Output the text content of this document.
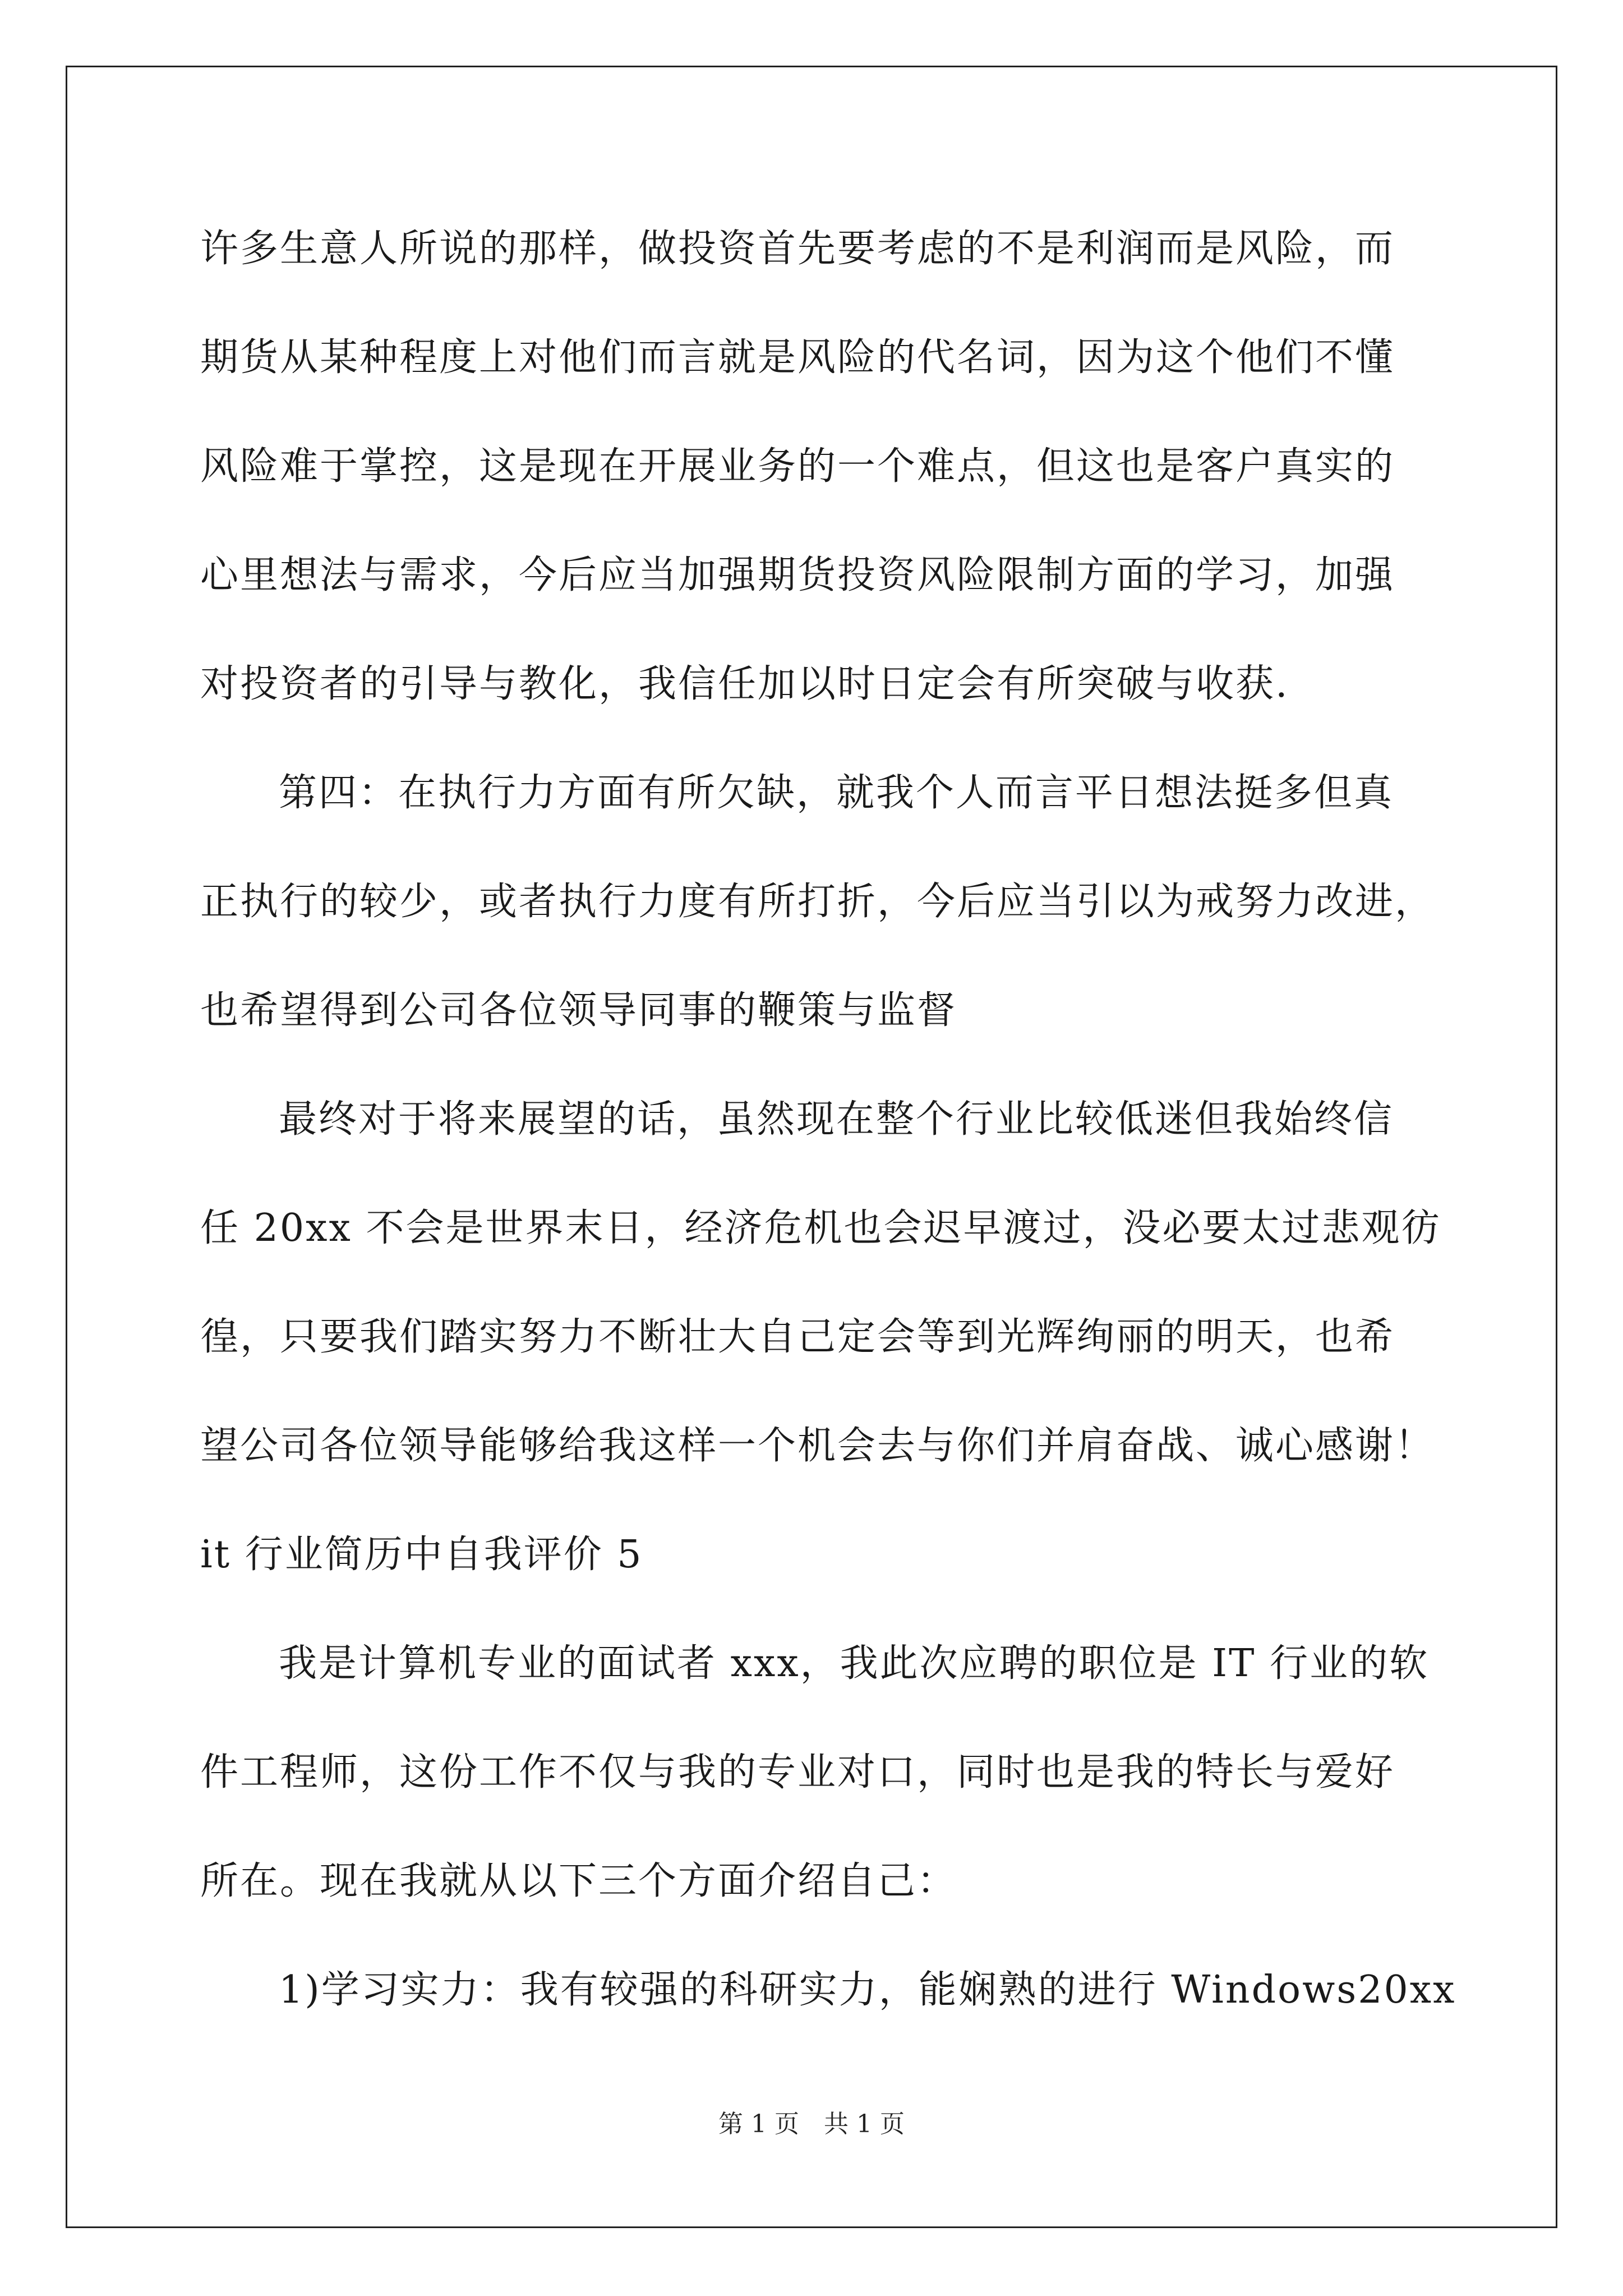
许多生意人所说的那样，做投资首先要考虑的不是利润而是风险，而
期货从某种程度上对他们而言就是风险的代名词，因为这个他们不懂
风险难于掌控，这是现在开展业务的一个难点，但这也是客户真实的
心里想法与需求，今后应当加强期货投资风险限制方面的学习，加强
对投资者的引导与教化，我信任加以时日定会有所突破与收获.
第四：在执行力方面有所欠缺，就我个人而言平日想法挺多但真
正执行的较少，或者执行力度有所打折，今后应当引以为戒努力改进，
也希望得到公司各位领导同事的鞭策与监督
最终对于将来展望的话，虽然现在整个行业比较低迷但我始终信
任 20xx 不会是世界末日，经济危机也会迟早渡过，没必要太过悲观彷
徨，只要我们踏实努力不断壮大自己定会等到光辉绚丽的明天，也希
望公司各位领导能够给我这样一个机会去与你们并肩奋战、诚心感谢！
it 行业简历中自我评价 5
我是计算机专业的面试者 xxx，我此次应聘的职位是 IT 行业的软
件工程师，这份工作不仅与我的专业对口，同时也是我的特长与爱好
所在。现在我就从以下三个方面介绍自己：
1)学习实力：我有较强的科研实力，能娴熟的进行 Windows20xx
第 1 页　共 1 页
